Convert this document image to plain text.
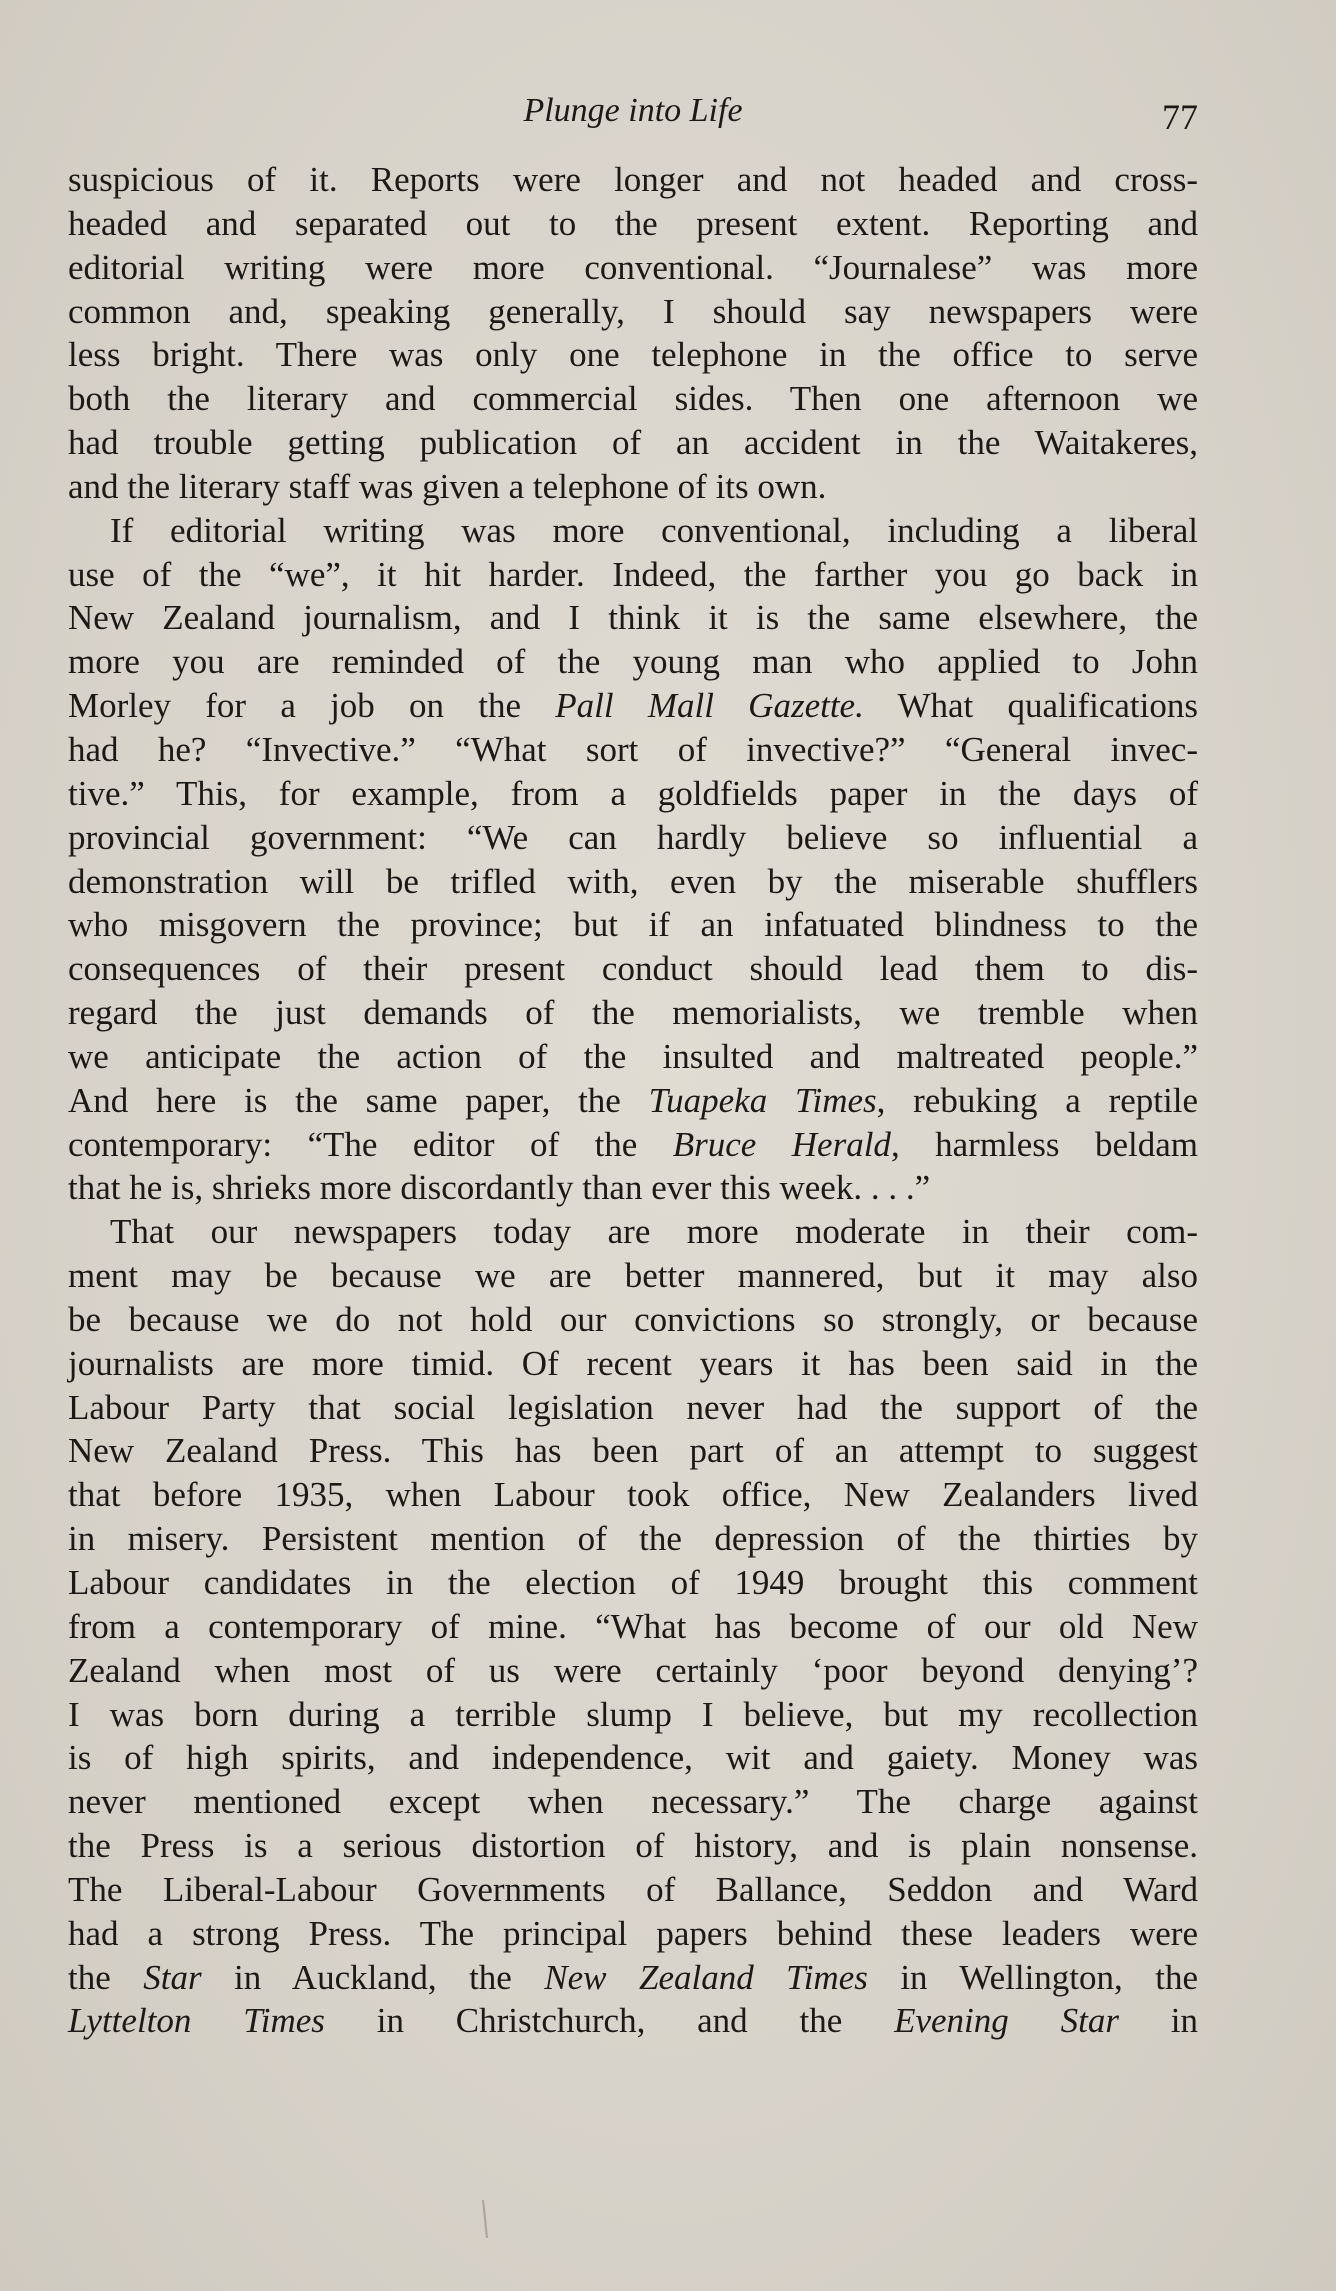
Plunge into Life	77
suspicious of it. Reports were longer and not headed and cross-
headed and separated out to the present extent. Reporting and
editorial writing were more conventional. “Journalese” was more
common and, speaking generally, I should say newspapers were
less bright. There was only one telephone in the office to serve
both the literary and commercial sides. Then one afternoon we
had trouble getting publication of an accident in the Waitakeres,
and the literary staff was given a telephone of its own.
If editorial writing was more conventional, including a liberal
use of the “we”, it hit harder. Indeed, the farther you go back in
New Zealand journalism, and I think it is the same elsewhere, the
more you are reminded of the young man who applied to John
Morley for a job on the Pall Mall Gazette. What qualifications
had he? “Invective.” “What sort of invective?” “General invec-
tive.” This, for example, from a goldfields paper in the days of
provincial government: “We can hardly believe so influential a
demonstration will be trifled with, even by the miserable shufflers
who misgovern the province; but if an infatuated blindness to the
consequences of their present conduct should lead them to dis-
regard the just demands of the memorialists, we tremble when
we anticipate the action of the insulted and maltreated people.”
And here is the same paper, the Tuapeka Times, rebuking a reptile
contemporary: “The editor of the Bruce Herald, harmless beldam
that he is, shrieks more discordantly than ever this week. . . .”
That our newspapers today are more moderate in their com-
ment may be because we are better mannered, but it may also
be because we do not hold our convictions so strongly, or because
journalists are more timid. Of recent years it has been said in the
Labour Party that social legislation never had the support of the
New Zealand Press. This has been part of an attempt to suggest
that before 1935, when Labour took office, New Zealanders lived
in misery. Persistent mention of the depression of the thirties by
Labour candidates in the election of 1949 brought this comment
from a contemporary of mine. “What has become of our old New
Zealand when most of us were certainly ‘poor beyond denying’?
I was born during a terrible slump I believe, but my recollection
is of high spirits, and independence, wit and gaiety. Money was
never mentioned except when necessary.” The charge against
the Press is a serious distortion of history, and is plain nonsense.
The Liberal-Labour Governments of Ballance, Seddon and Ward
had a strong Press. The principal papers behind these leaders were
the Star in Auckland, the New Zealand Times in Wellington, the
Lyttelton Times in Christchurch, and the Evening Star in
